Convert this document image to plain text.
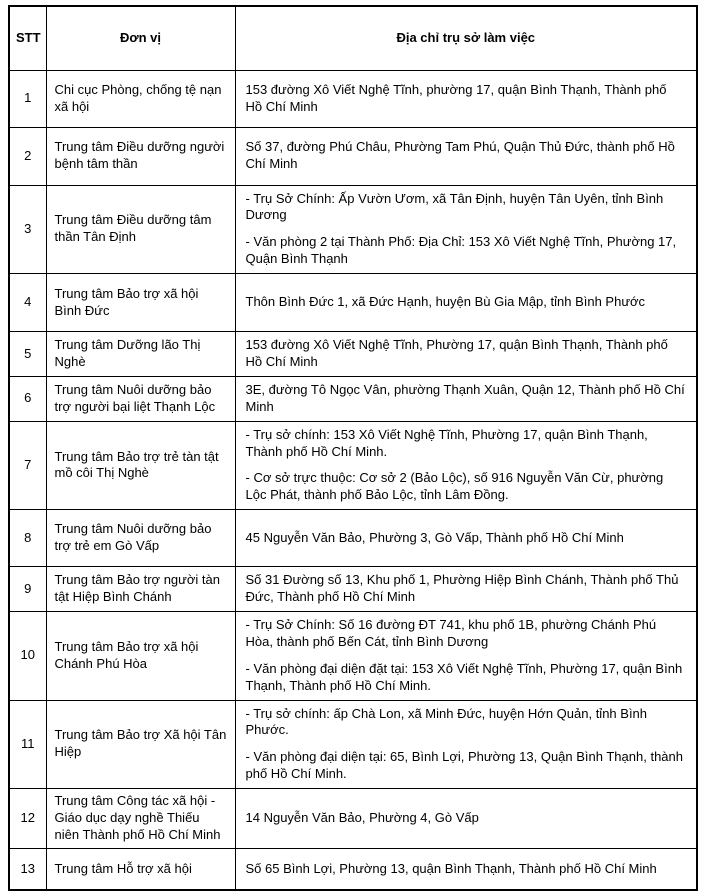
STT	Đơn vị	Địa chỉ trụ sở làm việc
1	Chi cục Phòng, chống tệ nạn xã hội	153 đường Xô Viết Nghệ Tĩnh, phường 17, quận Bình Thạnh, Thành phố Hồ Chí Minh

2	Trung tâm Điều dưỡng người bệnh tâm thần	Số 37, đường Phú Châu, Phường Tam Phú, Quận Thủ Đức, thành phố Hồ Chí Minh

3	Trung tâm Điều dưỡng tâm thần Tân Định	- Trụ Sở Chính: Ấp Vườn Ươm, xã Tân Định, huyện Tân Uyên, tỉnh Bình Dương

- Văn phòng 2 tại Thành Phố: Địa Chỉ: 153 Xô Viết Nghệ Tĩnh, Phường 17, Quận Bình Thạnh

4	Trung tâm Bảo trợ xã hội Bình Đức	Thôn Bình Đức 1, xã Đức Hạnh, huyện Bù Gia Mập, tỉnh Bình Phước

5	Trung tâm Dưỡng lão Thị Nghè	153 đường Xô Viết Nghệ Tĩnh, Phường 17, quận Bình Thạnh, Thành phố Hồ Chí Minh

6	Trung tâm Nuôi dưỡng bảo trợ người bại liệt Thạnh Lộc	3E, đường Tô Ngọc Vân, phường Thạnh Xuân, Quận 12, Thành phố Hồ Chí Minh

7	Trung tâm Bảo trợ trẻ tàn tật mồ côi Thị Nghè	- Trụ sở chính: 153 Xô Viết Nghệ Tĩnh, Phường 17, quận Bình Thạnh, Thành phố Hồ Chí Minh.

- Cơ sở trực thuộc: Cơ sở 2 (Bảo Lộc), số 916 Nguyễn Văn Cừ, phường Lộc Phát, thành phố Bảo Lộc, tỉnh Lâm Đồng.

8	Trung tâm Nuôi dưỡng bảo trợ trẻ em Gò Vấp	45 Nguyễn Văn Bảo, Phường 3, Gò Vấp, Thành phố Hồ Chí Minh

9	Trung tâm Bảo trợ người tàn tật Hiệp Bình Chánh	Số 31 Đường số 13, Khu phố 1, Phường Hiệp Bình Chánh, Thành phố Thủ Đức, Thành phố Hồ Chí Minh

10	Trung tâm Bảo trợ xã hội Chánh Phú Hòa	- Trụ Sở Chính: Số 16 đường ĐT 741, khu phố 1B, phường Chánh Phú Hòa, thành phố Bến Cát, tỉnh Bình Dương

- Văn phòng đại diện đặt tại: 153 Xô Viết Nghệ Tĩnh, Phường 17, quận Bình Thạnh, Thành phố Hồ Chí Minh.

11	Trung tâm Bảo trợ Xã hội Tân Hiệp	- Trụ sở chính: ấp Chà Lon, xã Minh Đức, huyện Hớn Quản, tỉnh Bình Phước.

- Văn phòng đại diện tại: 65, Bình Lợi, Phường 13, Quận Bình Thạnh, thành phố Hồ Chí Minh.

12	Trung tâm Công tác xã hội - Giáo dục dạy nghề Thiếu niên Thành phố Hồ Chí Minh	14 Nguyễn Văn Bảo, Phường 4, Gò Vấp

13	Trung tâm Hỗ trợ xã hội	Số 65 Bình Lợi, Phường 13, quận Bình Thạnh, Thành phố Hồ Chí Minh
